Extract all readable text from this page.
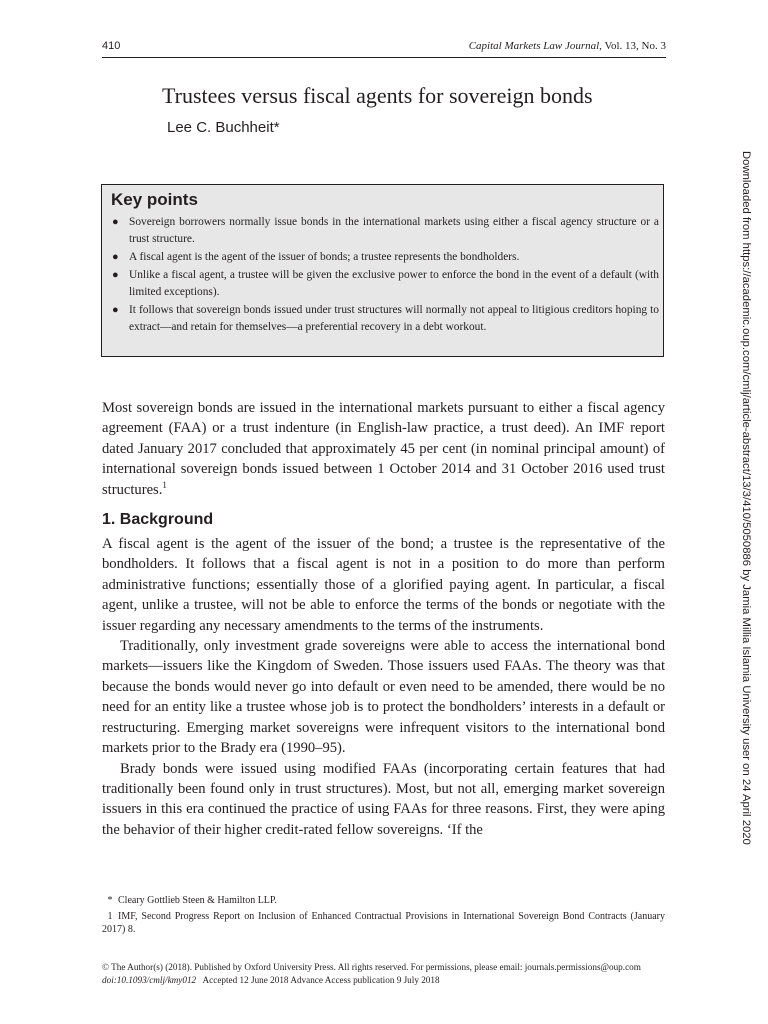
410	Capital Markets Law Journal, Vol. 13, No. 3
Trustees versus fiscal agents for sovereign bonds
Lee C. Buchheit*
Key points
● Sovereign borrowers normally issue bonds in the international markets using either a fiscal agency structure or a trust structure.
● A fiscal agent is the agent of the issuer of bonds; a trustee represents the bondholders.
● Unlike a fiscal agent, a trustee will be given the exclusive power to enforce the bond in the event of a default (with limited exceptions).
● It follows that sovereign bonds issued under trust structures will normally not appeal to litigious creditors hoping to extract—and retain for themselves—a preferential recovery in a debt workout.

Most sovereign bonds are issued in the international markets pursuant to either a fiscal agency agreement (FAA) or a trust indenture (in English-law practice, a trust deed). An IMF report dated January 2017 concluded that approximately 45 per cent (in nominal principal amount) of international sovereign bonds issued between 1 October 2014 and 31 October 2016 used trust structures.$^1$

1. Background

A fiscal agent is the agent of the issuer of the bond; a trustee is the representative of the bondholders. It follows that a fiscal agent is not in a position to do more than perform administrative functions; essentially those of a glorified paying agent. In particular, a fiscal agent, unlike a trustee, will not be able to enforce the terms of the bonds or negotiate with the issuer regarding any necessary amendments to the terms of the instruments.

Traditionally, only investment grade sovereigns were able to access the international bond markets—issuers like the Kingdom of Sweden. Those issuers used FAAs. The theory was that because the bonds would never go into default or even need to be amended, there would be no need for an entity like a trustee whose job is to protect the bondholders’ interests in a default or restructuring. Emerging market sovereigns were infrequent visitors to the international bond markets prior to the Brady era (1990–95).

Brady bonds were issued using modified FAAs (incorporating certain features that had traditionally been found only in trust structures). Most, but not all, emerging market sovereign issuers in this era continued the practice of using FAAs for three reasons. First, they were aping the behavior of their higher credit-rated fellow sovereigns. ‘If the

* Cleary Gottlieb Steen & Hamilton LLP.

1 IMF, Second Progress Report on Inclusion of Enhanced Contractual Provisions in International Sovereign Bond Contracts (January 2017) 8.

© The Author(s) (2018). Published by Oxford University Press. All rights reserved. For permissions, please email: journals.permissions@oup.com
doi:10.1093/cmlj/kmy012 Accepted 12 June 2018 Advance Access publication 9 July 2018
Downloaded from https://academic.oup.com/cmlj/article-abstract/13/3/410/5050886 by Jamia Millia Islamia University user on 24 April 2020
